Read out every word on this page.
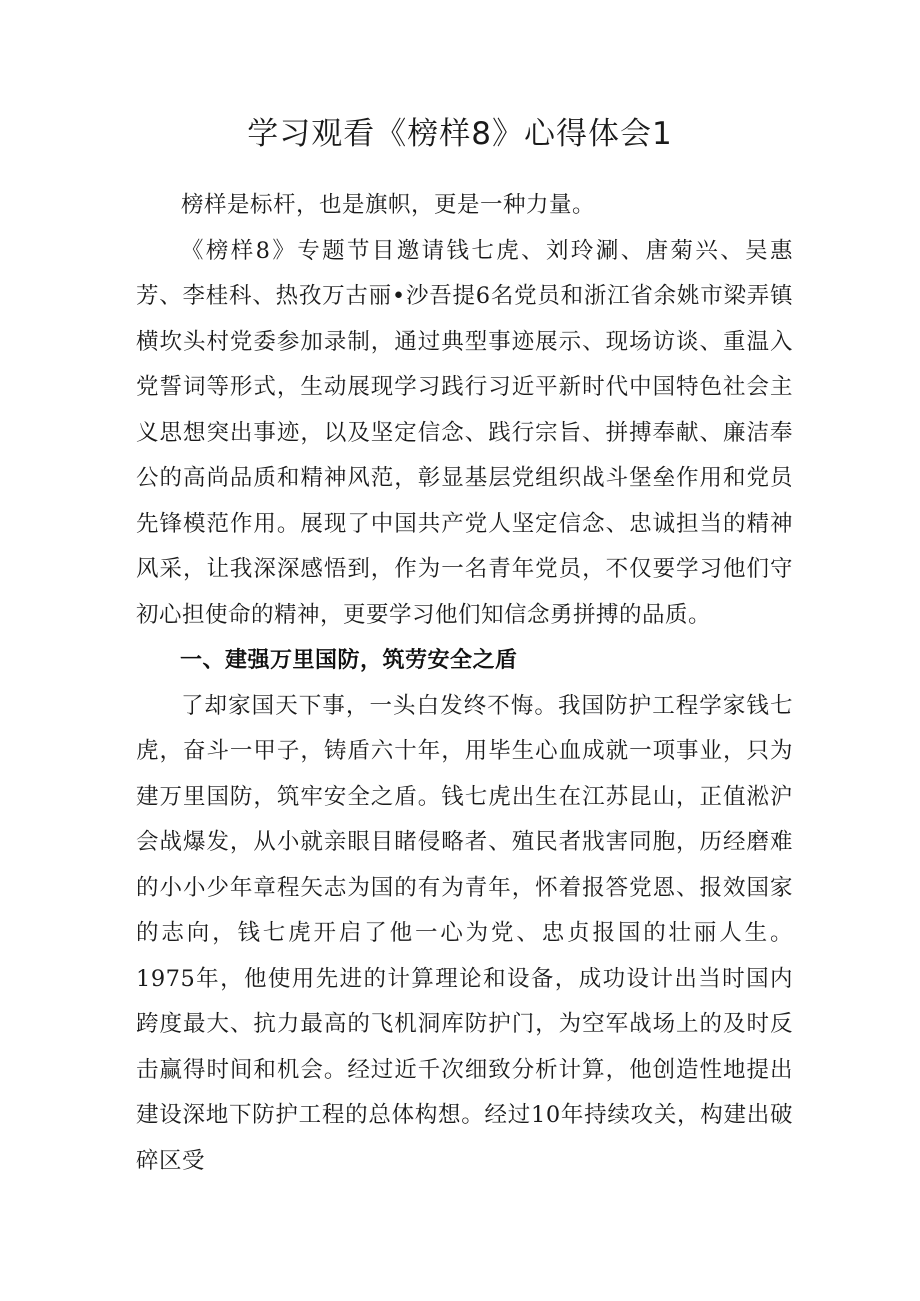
学习观看《榜样8》心得体会1

榜样是标杆，也是旗帜，更是一种力量。

《榜样8》专题节目邀请钱七虎、刘玲涮、唐菊兴、吴惠芳、李桂科、热孜万古丽•沙吾提6名党员和浙江省余姚市梁弄镇横坎头村党委参加录制，通过典型事迹展示、现场访谈、重温入党誓词等形式，生动展现学习践行习近平新时代中国特色社会主义思想突出事迹，以及坚定信念、践行宗旨、拼搏奉献、廉洁奉公的高尚品质和精神风范，彰显基层党组织战斗堡垒作用和党员先锋模范作用。展现了中国共产党人坚定信念、忠诚担当的精神风采，让我深深感悟到，作为一名青年党员，不仅要学习他们守初心担使命的精神，更要学习他们知信念勇拼搏的品质。

一、建强万里国防，筑劳安全之盾

了却家国天下事，一头白发终不悔。我国防护工程学家钱七虎，奋斗一甲子，铸盾六十年，用毕生心血成就一项事业，只为建万里国防，筑牢安全之盾。钱七虎出生在江苏昆山，正值淞沪会战爆发，从小就亲眼目睹侵略者、殖民者戕害同胞，历经磨难的小小少年章程矢志为国的有为青年，怀着报答党恩、报效国家的志向，钱七虎开启了他一心为党、忠贞报国的壮丽人生。1975年，他使用先进的计算理论和设备，成功设计出当时国内跨度最大、抗力最高的飞机洞库防护门，为空军战场上的及时反击赢得时间和机会。经过近千次细致分析计算，他创造性地提出建设深地下防护工程的总体构想。经过10年持续攻关，构建出破碎区受
